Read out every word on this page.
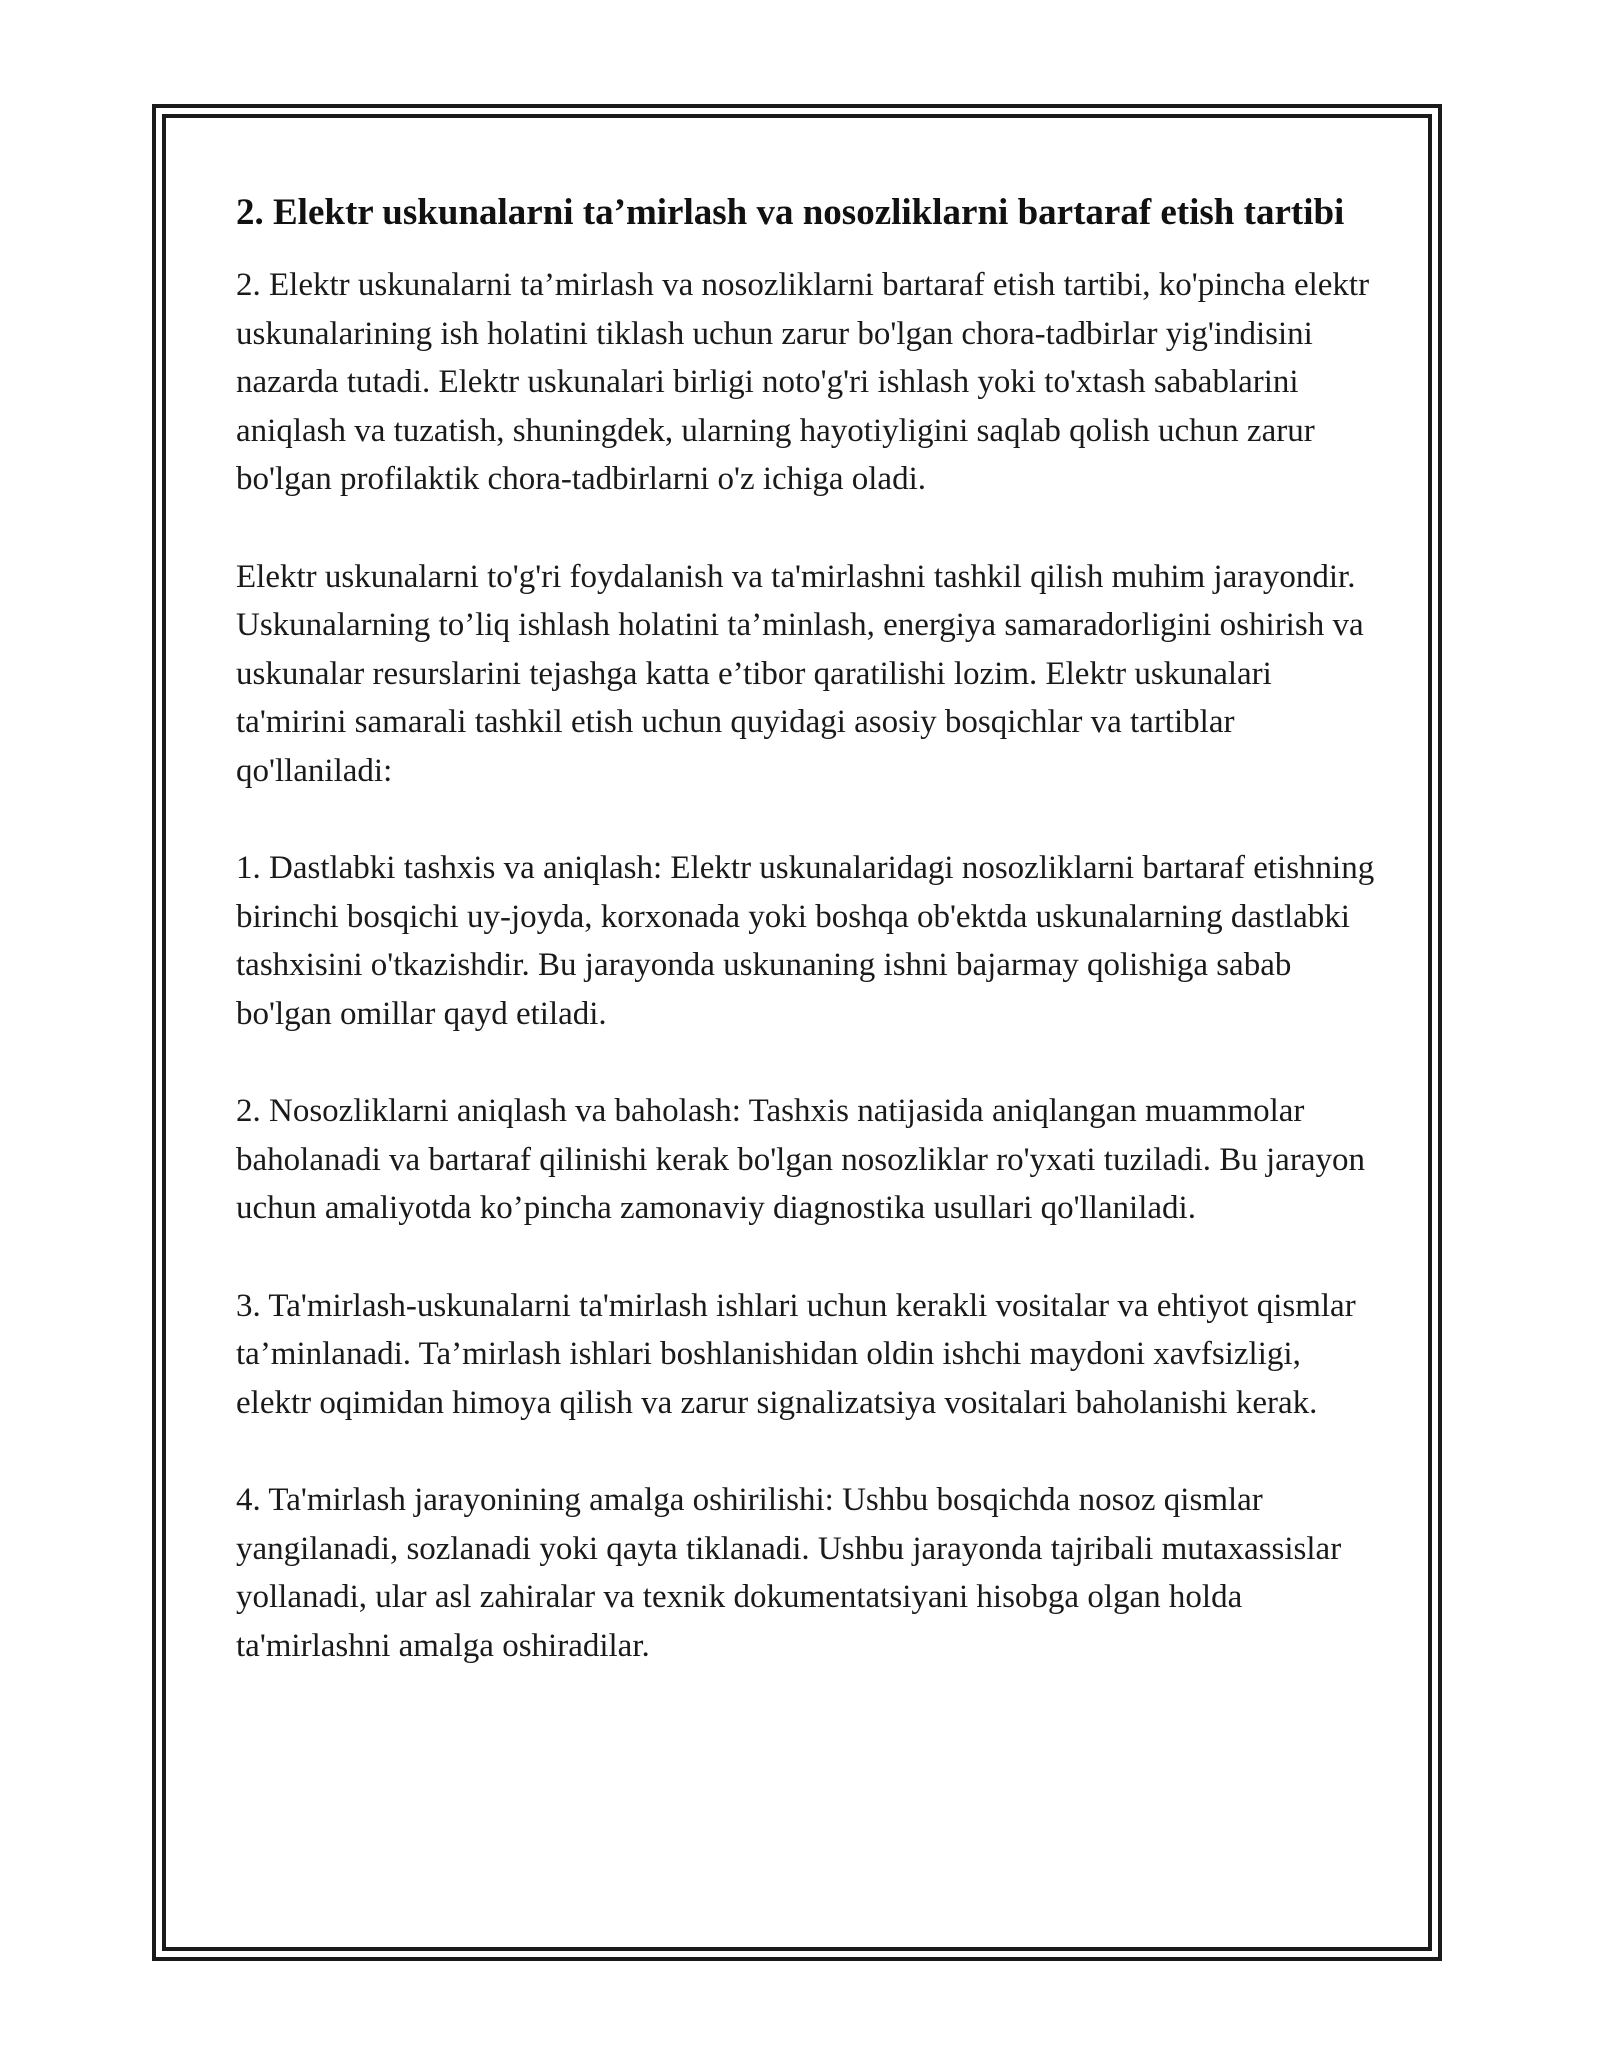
2. Elektr uskunalarni ta’mirlash va nosozliklarni bartaraf etish tartibi

2. Elektr uskunalarni ta’mirlash va nosozliklarni bartaraf etish tartibi, ko'pincha elektr uskunalarining ish holatini tiklash uchun zarur bo'lgan chora-tadbirlar yig'indisini nazarda tutadi. Elektr uskunalari birligi noto'g'ri ishlash yoki to'xtash sabablarini aniqlash va tuzatish, shuningdek, ularning hayotiyligini saqlab qolish uchun zarur bo'lgan profilaktik chora-tadbirlarni o'z ichiga oladi.

Elektr uskunalarni to'g'ri foydalanish va ta'mirlashni tashkil qilish muhim jarayondir. Uskunalarning to’liq ishlash holatini ta’minlash, energiya samaradorligini oshirish va uskunalar resurslarini tejashga katta e’tibor qaratilishi lozim. Elektr uskunalari ta'mirini samarali tashkil etish uchun quyidagi asosiy bosqichlar va tartiblar qo'llaniladi:

1. Dastlabki tashxis va aniqlash: Elektr uskunalaridagi nosozliklarni bartaraf etishning birinchi bosqichi uy-joyda, korxonada yoki boshqa ob'ektda uskunalarning dastlabki tashxisini o'tkazishdir. Bu jarayonda uskunaning ishni bajarmay qolishiga sabab bo'lgan omillar qayd etiladi.

2. Nosozliklarni aniqlash va baholash: Tashxis natijasida aniqlangan muammolar baholanadi va bartaraf qilinishi kerak bo'lgan nosozliklar ro'yxati tuziladi. Bu jarayon uchun amaliyotda ko’pincha zamonaviy diagnostika usullari qo'llaniladi.

3. Ta'mirlash-uskunalarni ta'mirlash ishlari uchun kerakli vositalar va ehtiyot qismlar ta’minlanadi. Ta’mirlash ishlari boshlanishidan oldin ishchi maydoni xavfsizligi, elektr oqimidan himoya qilish va zarur signalizatsiya vositalari baholanishi kerak.

4. Ta'mirlash jarayonining amalga oshirilishi: Ushbu bosqichda nosoz qismlar yangilanadi, sozlanadi yoki qayta tiklanadi. Ushbu jarayonda tajribali mutaxassislar yollanadi, ular asl zahiralar va texnik dokumentatsiyani hisobga olgan holda ta'mirlashni amalga oshiradilar.
